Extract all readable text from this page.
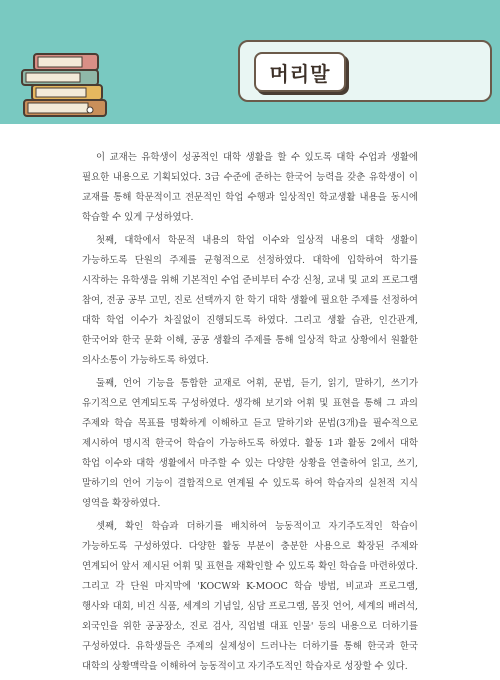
머리말

이 교재는 유학생이 성공적인 대학 생활을 할 수 있도록 대학 수업과 생활에 필요한 내용으로 기획되었다. 3급 수준에 준하는 한국어 능력을 갖춘 유학생이 이 교재를 통해 학문적이고 전문적인 학업 수행과 일상적인 학교생활 내용을 동시에 학습할 수 있게 구성하였다.

첫째, 대학에서 학문적 내용의 학업 이수와 일상적 내용의 대학 생활이 가능하도록 단원의 주제를 균형적으로 선정하였다. 대학에 입학하여 학기를 시작하는 유학생을 위해 기본적인 수업 준비부터 수강 신청, 교내 및 교외 프로그램 참여, 전공 공부 고민, 진로 선택까지 한 학기 대학 생활에 필요한 주제를 선정하여 대학 학업 이수가 차질없이 진행되도록 하였다. 그리고 생활 습관, 인간관계, 한국어와 한국 문화 이해, 공공 생활의 주제를 통해 일상적 학교 상황에서 원활한 의사소통이 가능하도록 하였다.

둘째, 언어 기능을 통합한 교재로 어휘, 문법, 듣기, 읽기, 말하기, 쓰기가 유기적으로 연계되도록 구성하였다. 생각해 보기와 어휘 및 표현을 통해 그 과의 주제와 학습 목표를 명확하게 이해하고 듣고 말하기와 문법(3개)을 필수적으로 제시하여 명시적 한국어 학습이 가능하도록 하였다. 활동 1과 활동 2에서 대학 학업 이수와 대학 생활에서 마주할 수 있는 다양한 상황을 연출하여 읽고, 쓰기, 말하기의 언어 기능이 결합적으로 연계될 수 있도록 하여 학습자의 실천적 지식 영역을 확장하였다.

셋째, 확인 학습과 더하기를 배치하여 능동적이고 자기주도적인 학습이 가능하도록 구성하였다. 다양한 활동 부분이 충분한 사용으로 확장된 주제와 연계되어 앞서 제시된 어휘 및 표현을 재확인할 수 있도록 확인 학습을 마련하였다. 그리고 각 단원 마지막에 'KOCW와 K-MOOC 학습 방법, 비교과 프로그램, 행사와 대회, 비건 식품, 세계의 기념일, 심담 프로그램, 몸짓 언어, 세계의 배려석, 외국인을 위한 공공장소, 진로 검사, 직업별 대표 인물' 등의 내용으로 더하기를 구성하였다. 유학생들은 주제의 실제성이 드러나는 더하기를 통해 한국과 한국 대학의 상황맥락을 이해하여 능동적이고 자기주도적인 학습자로 성장할 수 있다.
